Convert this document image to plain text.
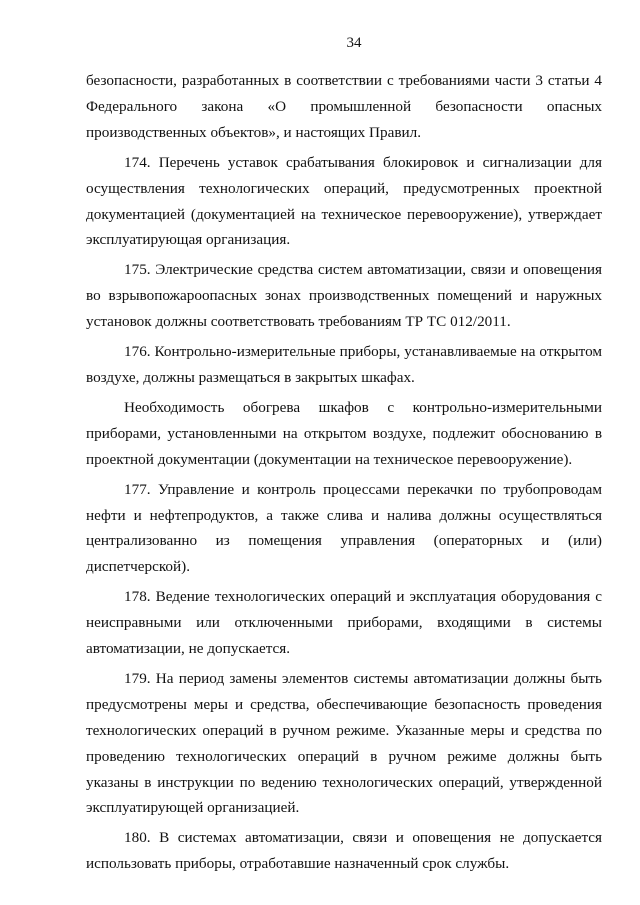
34

безопасности, разработанных в соответствии с требованиями части 3 статьи 4 Федерального закона «О промышленной безопасности опасных производственных объектов», и настоящих Правил.

174. Перечень уставок срабатывания блокировок и сигнализации для осуществления технологических операций, предусмотренных проектной документацией (документацией на техническое перевооружение), утверждает эксплуатирующая организация.

175. Электрические средства систем автоматизации, связи и оповещения во взрывопожароопасных зонах производственных помещений и наружных установок должны соответствовать требованиям ТР ТС 012/2011.

176. Контрольно-измерительные приборы, устанавливаемые на открытом воздухе, должны размещаться в закрытых шкафах.

Необходимость обогрева шкафов с контрольно-измерительными приборами, установленными на открытом воздухе, подлежит обоснованию в проектной документации (документации на техническое перевооружение).

177. Управление и контроль процессами перекачки по трубопроводам нефти и нефтепродуктов, а также слива и налива должны осуществляться централизованно из помещения управления (операторных и (или) диспетчерской).

178. Ведение технологических операций и эксплуатация оборудования с неисправными или отключенными приборами, входящими в системы автоматизации, не допускается.

179. На период замены элементов системы автоматизации должны быть предусмотрены меры и средства, обеспечивающие безопасность проведения технологических операций в ручном режиме. Указанные меры и средства по проведению технологических операций в ручном режиме должны быть указаны в инструкции по ведению технологических операций, утвержденной эксплуатирующей организацией.

180. В системах автоматизации, связи и оповещения не допускается использовать приборы, отработавшие назначенный срок службы.
